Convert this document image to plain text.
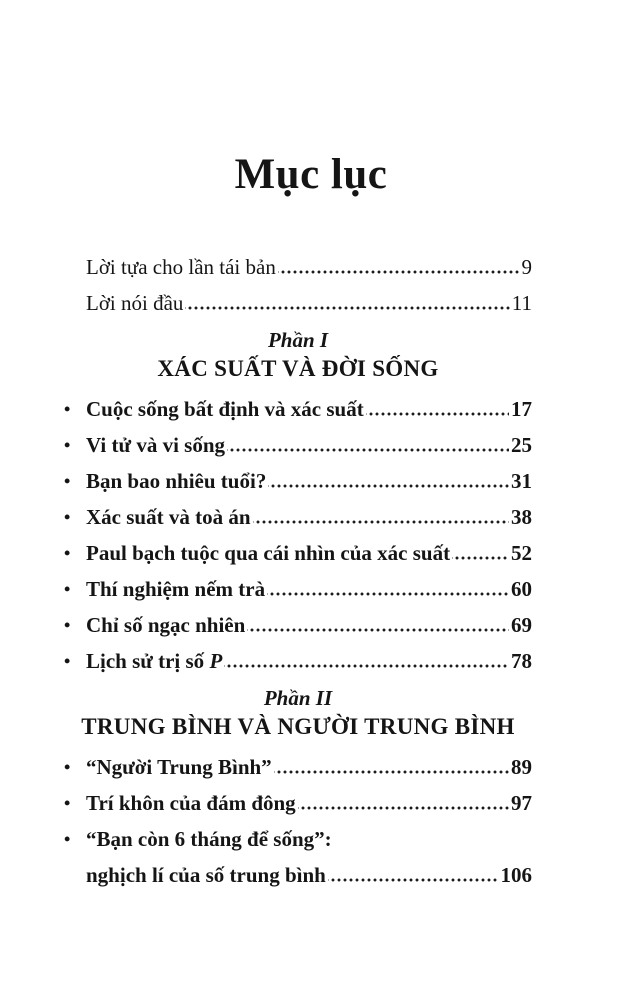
Mục lục
Lời tựa cho lần tái bản	9
Lời nói đầu	11
Phần I
XÁC SUẤT VÀ ĐỜI SỐNG
• Cuộc sống bất định và xác suất	17
• Vi tử và vi sống	25
• Bạn bao nhiêu tuổi?	31
• Xác suất và toà án	38
• Paul bạch tuộc qua cái nhìn của xác suất	52
• Thí nghiệm nếm trà	60
• Chỉ số ngạc nhiên	69
• Lịch sử trị số P	78
Phần II
TRUNG BÌNH VÀ NGƯỜI TRUNG BÌNH
• “Người Trung Bình”	89
• Trí khôn của đám đông	97
• “Bạn còn 6 tháng để sống”:
nghịch lí của số trung bình	106
